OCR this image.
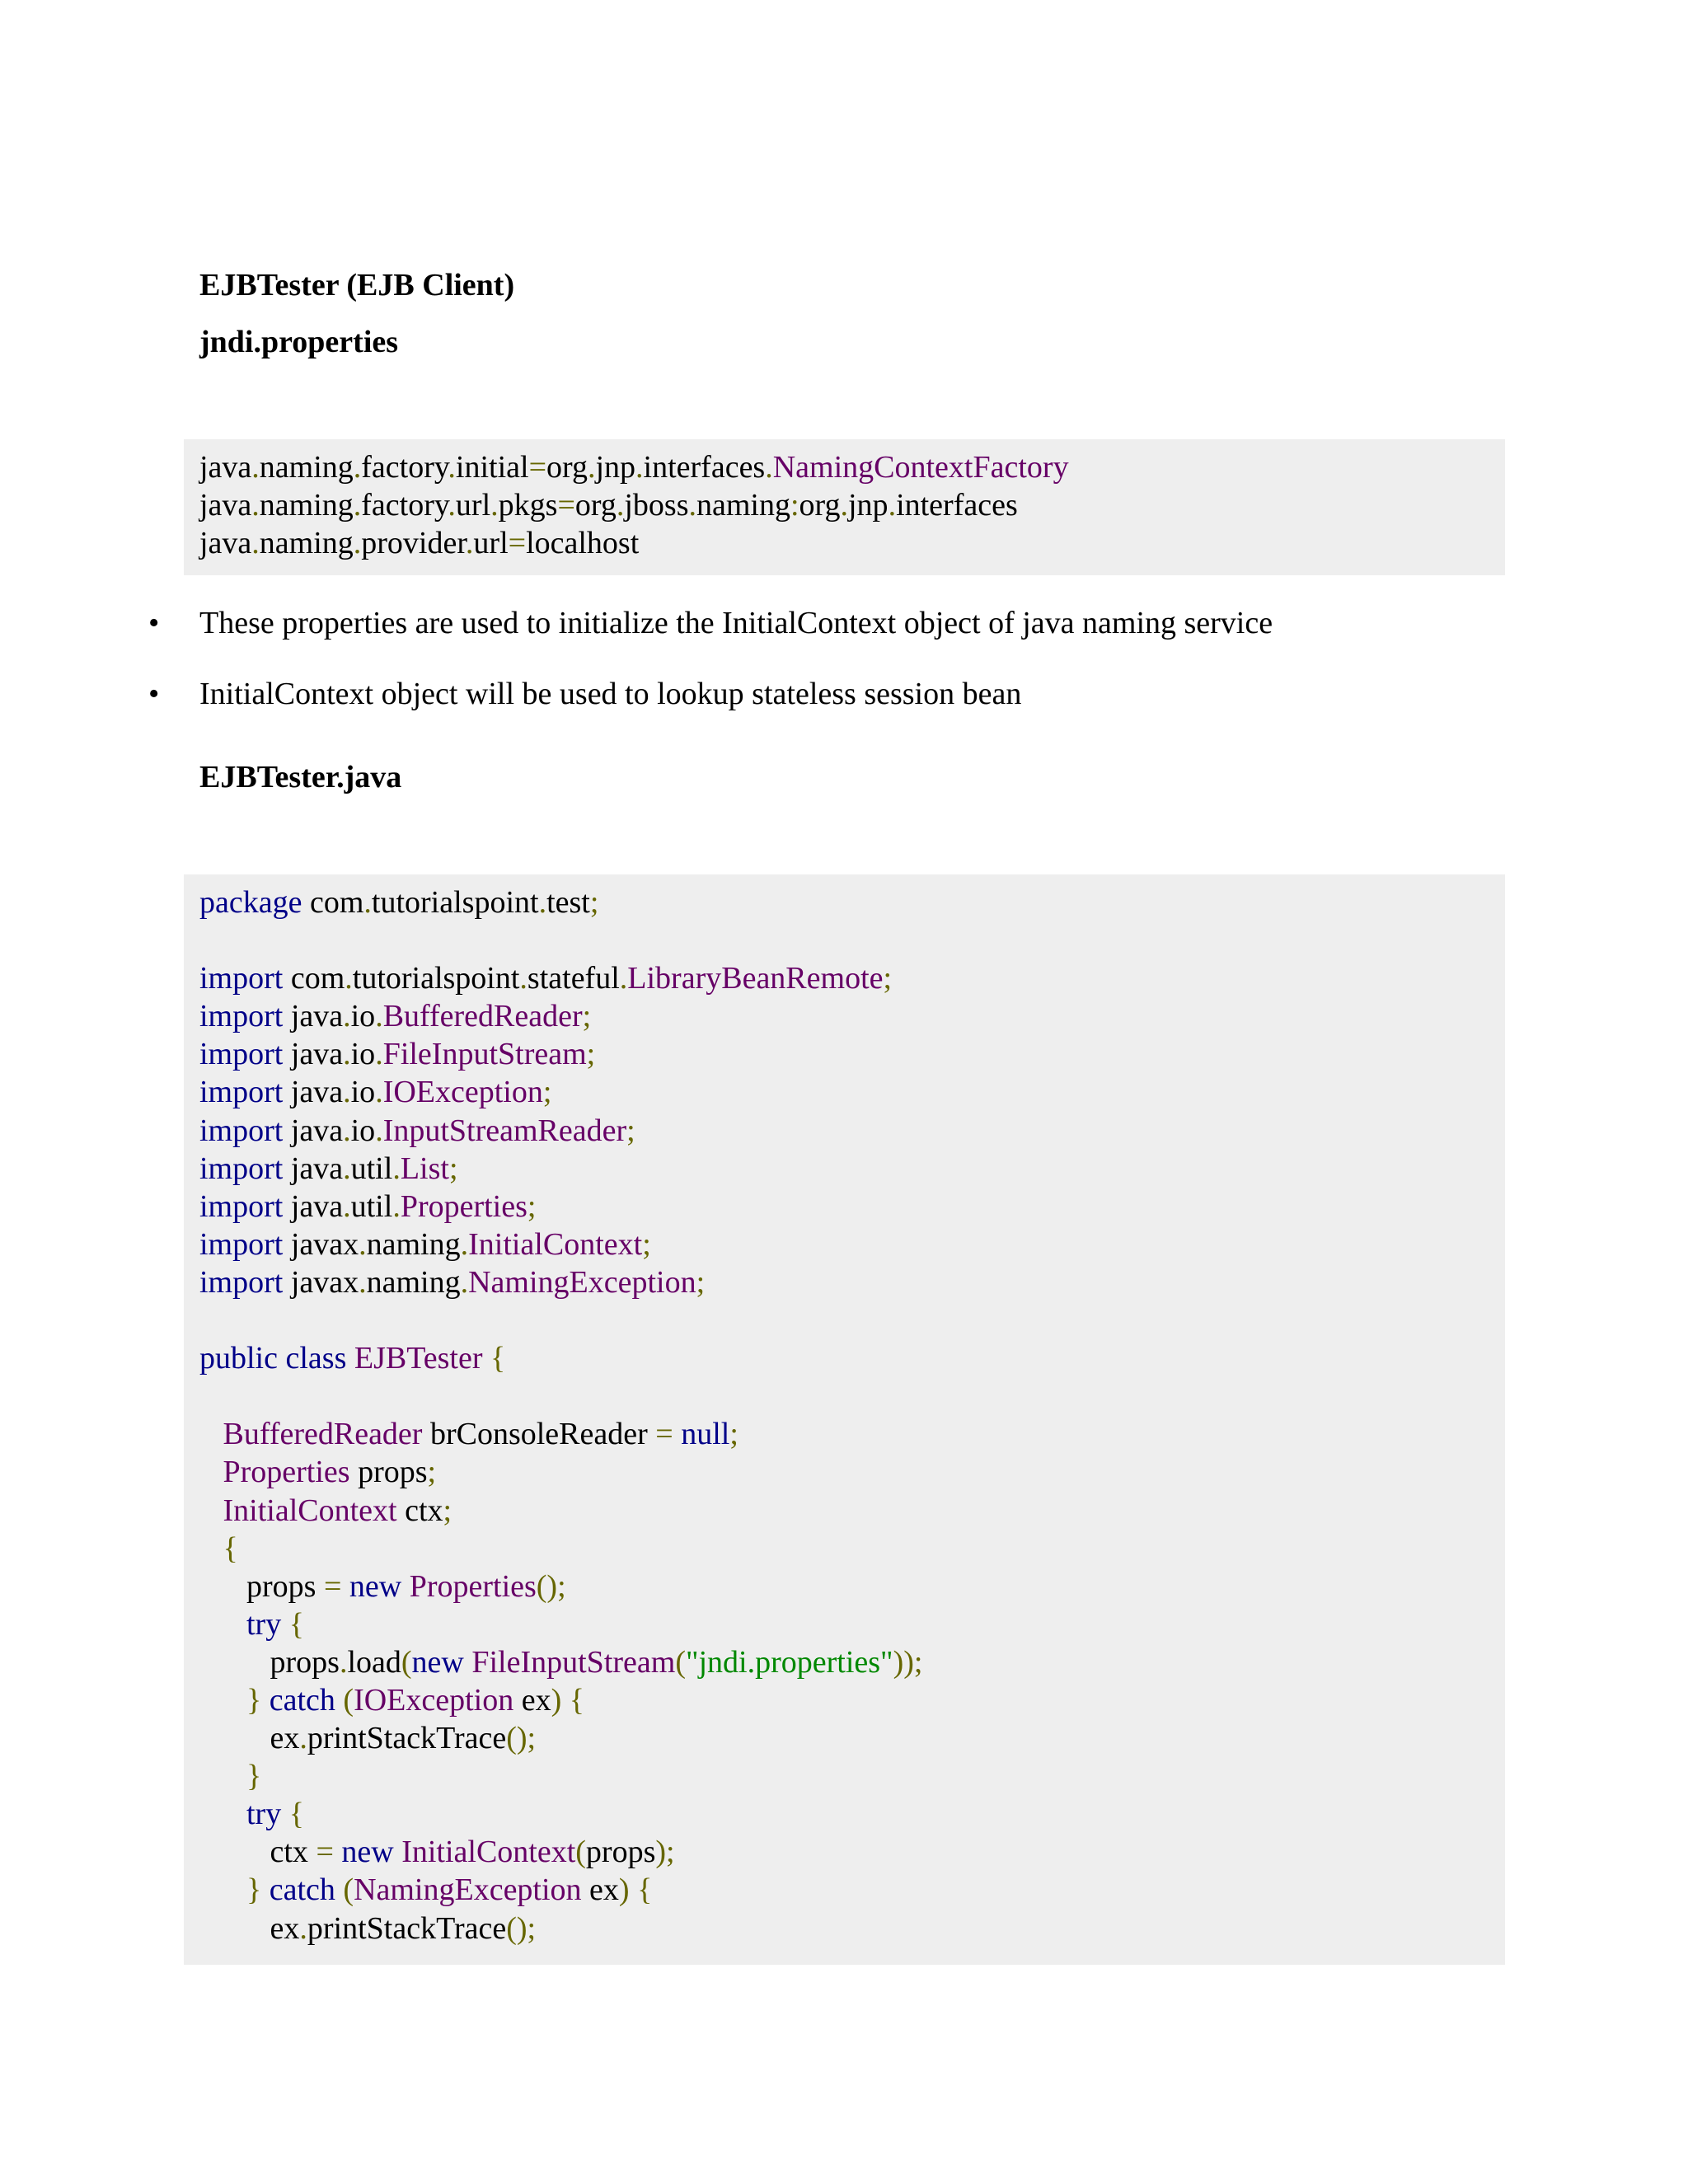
EJBTester (EJB Client)
jndi.properties
java.naming.factory.initial=org.jnp.interfaces.NamingContextFactory
java.naming.factory.url.pkgs=org.jboss.naming:org.jnp.interfaces
java.naming.provider.url=localhost
• These properties are used to initialize the InitialContext object of java naming service
• InitialContext object will be used to lookup stateless session bean
EJBTester.java
package com.tutorialspoint.test;
import com.tutorialspoint.stateful.LibraryBeanRemote;
import java.io.BufferedReader;
import java.io.FileInputStream;
import java.io.IOException;
import java.io.InputStreamReader;
import java.util.List;
import java.util.Properties;
import javax.naming.InitialContext;
import javax.naming.NamingException;
public class EJBTester {
BufferedReader brConsoleReader = null;
Properties props;
InitialContext ctx;
{
props = new Properties();
try {
props.load(new FileInputStream("jndi.properties"));
} catch (IOException ex) {
ex.printStackTrace();
}
try {
ctx = new InitialContext(props);
} catch (NamingException ex) {
ex.printStackTrace();
